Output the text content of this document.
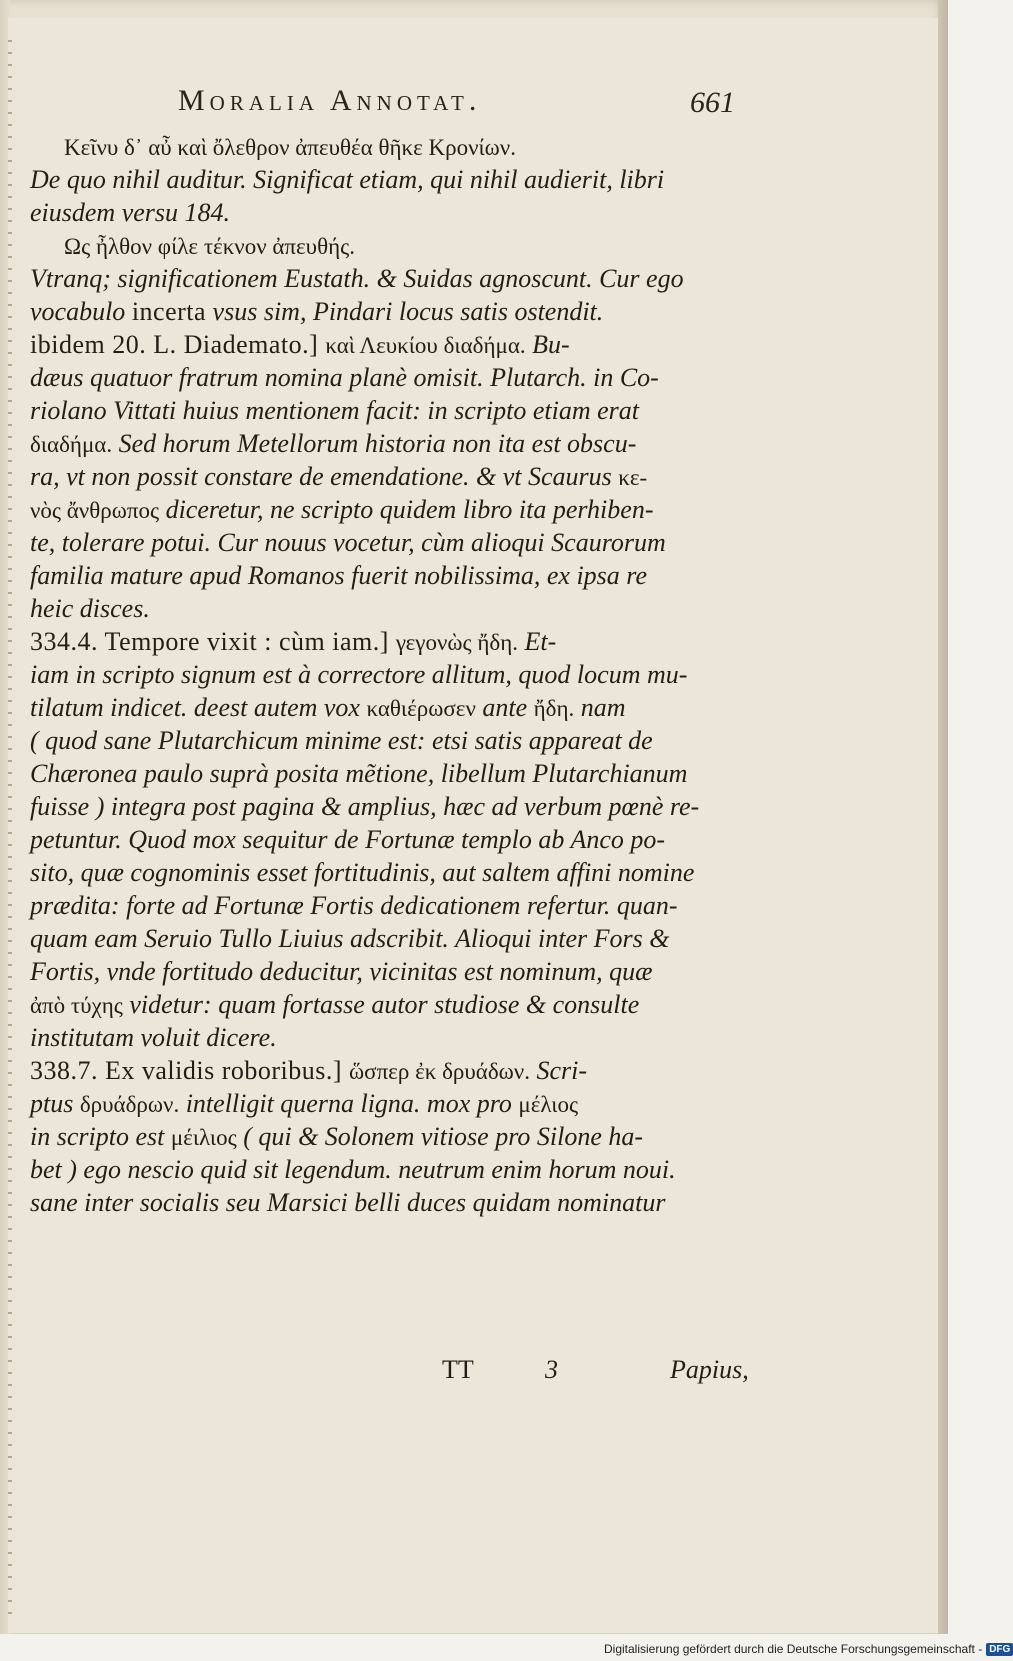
Moralia Annotat.	661
Κεῖνυ δ᾽ αὖ καὶ ὄλεθρον ἀπευθέα θῆκε Κρονίων.
De quo nihil auditur. Significat etiam, qui nihil audierit, libri
eiusdem versu 184.
Ως ἦλθον φίλε τέκνον ἀπευθής.
Vtranq; significationem Eustath. & Suidas agnoscunt. Cur ego
vocabulo incerta vsus sim, Pindari locus satis ostendit.
ibidem 20. L. Diademato.] καὶ Λευκίου διαδήμα. Bu-
dæus quatuor fratrum nomina planè omisit. Plutarch. in Co-
riolano Vittati huius mentionem facit: in scripto etiam erat
διαδήμα. Sed horum Metellorum historia non ita est obscu-
ra, vt non possit constare de emendatione. & vt Scaurus κε-
νὸς ἄνθρωπος diceretur, ne scripto quidem libro ita perhiben-
te, tolerare potui. Cur nouus vocetur, cùm alioqui Scaurorum
familia mature apud Romanos fuerit nobilissima, ex ipsa re
heic disces.
334.4. Tempore vixit : cùm iam.] γεγονὼς ἤδη. Et-
iam in scripto signum est à correctore allitum, quod locum mu-
tilatum indicet. deest autem vox καθιέρωσεν ante ἤδη. nam
( quod sane Plutarchicum minime est: etsi satis appareat de
Chæronea paulo suprà posita mẽtione, libellum Plutarchianum
fuisse ) integra post pagina & amplius, hæc ad verbum pœnè re-
petuntur. Quod mox sequitur de Fortunæ templo ab Anco po-
sito, quæ cognominis esset fortitudinis, aut saltem affini nomine
prædita: forte ad Fortunæ Fortis dedicationem refertur. quan-
quam eam Seruio Tullo Liuius adscribit. Alioqui inter Fors &
Fortis, vnde fortitudo deducitur, vicinitas est nominum, quæ
ἀπὸ τύχης videtur: quam fortasse autor studiose & consulte
institutam voluit dicere.
338.7. Ex validis roboribus.] ὥσπερ ἐκ δρυάδων. Scri-
ptus δρυάδρων. intelligit querna ligna. mox pro μέλιος
in scripto est μέιλιος ( qui & Solonem vitiose pro Silone ha-
bet ) ego nescio quid sit legendum. neutrum enim horum noui.
sane inter socialis seu Marsici belli duces quidam nominatur
TT	3	Papius,
Digitalisierung gefördert durch die Deutsche Forschungsgemeinschaft - DFG
